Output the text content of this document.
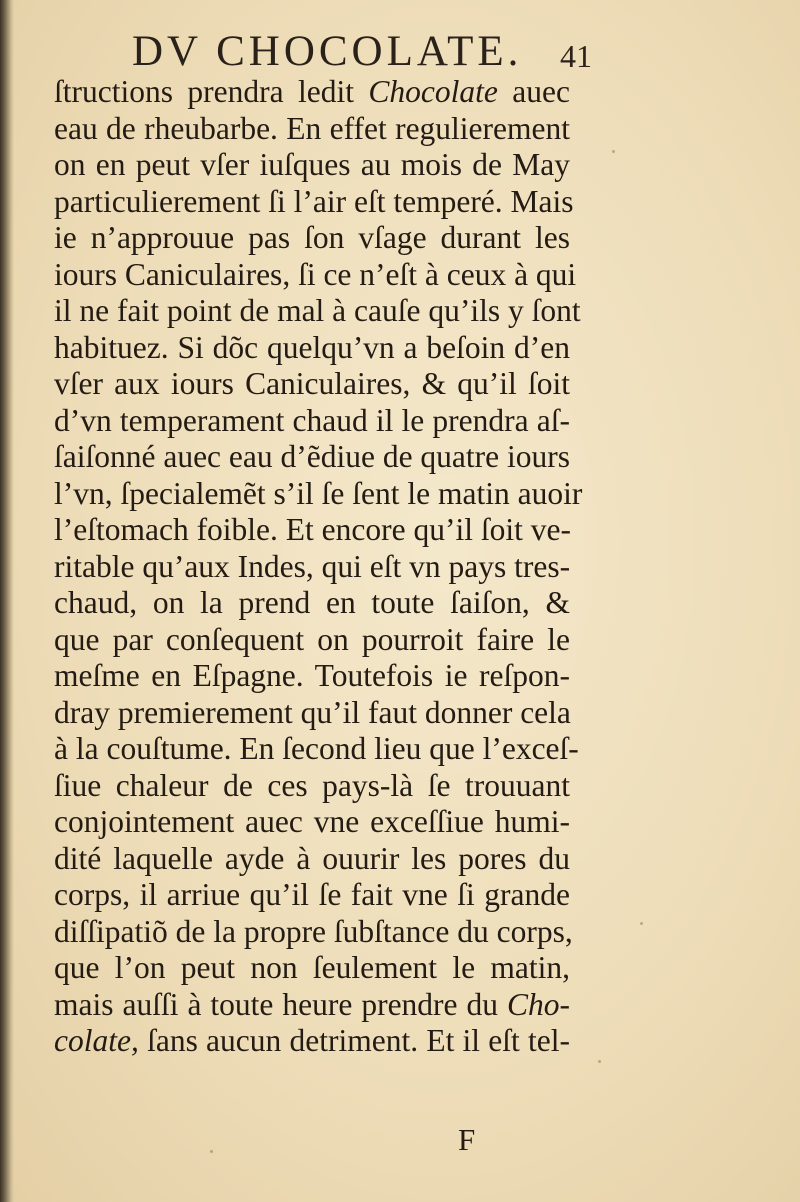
DV CHOCOLATE. 41
ſtructions prendra ledit Chocolate auec
eau de rheubarbe. En effet regulierement
on en peut vſer iuſques au mois de May
particulierement ſi l’air eſt temperé. Mais
ie n’approuue pas ſon vſage durant les
iours Caniculaires, ſi ce n’eſt à ceux à qui
il ne fait point de mal à cauſe qu’ils y ſont
habituez. Si dõc quelqu’vn a beſoin d’en
vſer aux iours Caniculaires, & qu’il ſoit
d’vn temperament chaud il le prendra aſ-
ſaiſonné auec eau d’ẽdiue de quatre iours
l’vn, ſpecialemẽt s’il ſe ſent le matin auoir
l’eſtomach foible. Et encore qu’il ſoit ve-
ritable qu’aux Indes, qui eſt vn pays tres-
chaud, on la prend en toute ſaiſon, &
que par conſequent on pourroit faire le
meſme en Eſpagne. Toutefois ie reſpon-
dray premierement qu’il faut donner cela
à la couſtume. En ſecond lieu que l’exceſ-
ſiue chaleur de ces pays-là ſe trouuant
conjointement auec vne exceſſiue humi-
dité laquelle ayde à ouurir les pores du
corps, il arriue qu’il ſe fait vne ſi grande
diſſipatiõ de la propre ſubſtance du corps,
que l’on peut non ſeulement le matin,
mais auſſi à toute heure prendre du Cho-
colate, ſans aucun detriment. Et il eſt tel-
F
